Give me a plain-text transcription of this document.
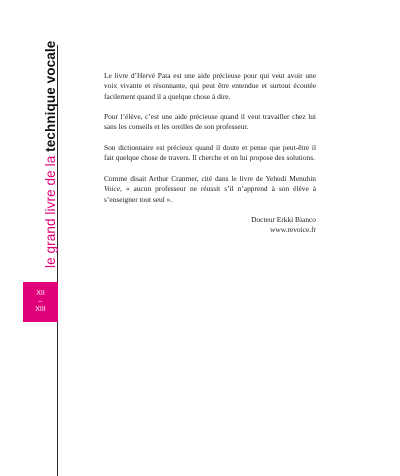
le grand livre de la technique vocale
XII
–
XIII

Le livre d’Hervé Pata est une aide précieuse pour qui veut avoir une voix vivante et résonnante, qui peut être entendue et surtout écoutée facilement quand il a quelque chose à dire.

Pour l’élève, c’est une aide précieuse quand il veut travailler chez lui sans les conseils et les oreilles de son professeur.

Son dictionnaire est précieux quand il doute et pense que peut-être il fait quelque chose de travers. Il cherche et on lui propose des solutions.

Comme disait Arthur Cranmer, cité dans le livre de Yehudi Menuhin Voice, « aucun professeur ne réussit s’il n’apprend à son élève à s’enseigner tout seul ».

Docteur Erkki Bianco
www.revoice.fr
